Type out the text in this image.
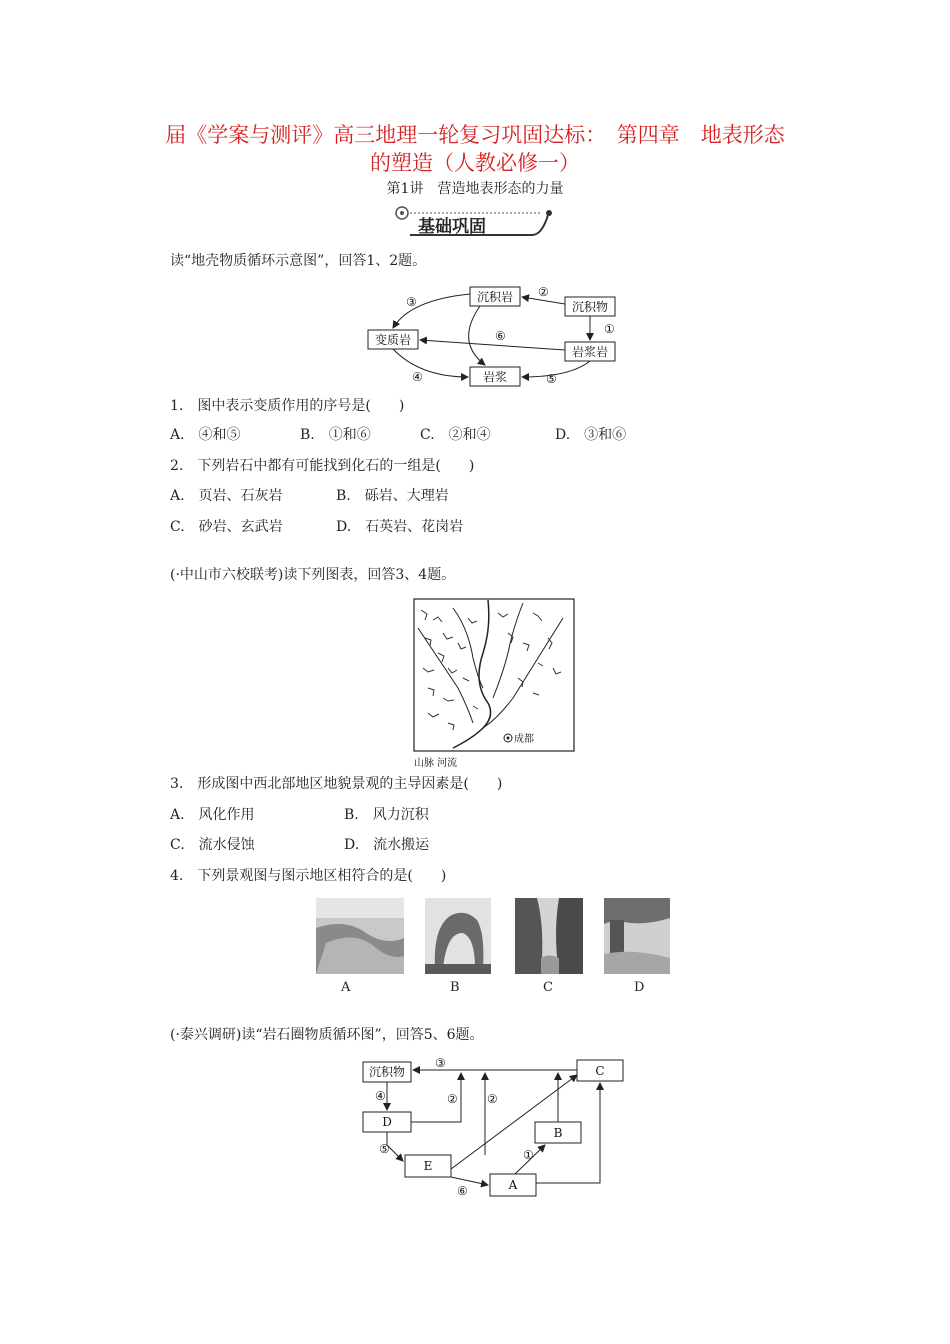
届《学案与测评》高三地理一轮复习巩固达标：　第四章　地表形态
的塑造（人教必修一）
第1讲　营造地表形态的力量
基础巩固
读“地壳物质循环示意图”，回答1、2题。
沉积岩
沉积物
变质岩
岩浆岩
岩浆
①
②
③
④	⑤
⑥
1.　图中表示变质作用的序号是(　　)
A.　④和⑤	B.　①和⑥	C.　②和④	D.　③和⑥
2.　下列岩石中都有可能找到化石的一组是(　　)
A.　页岩、石灰岩	B.　砾岩、大理岩
C.　砂岩、玄武岩	D.　石英岩、花岗岩
(·中山市六校联考)读下列图表，回答3、4题。
成都
山脉 河流
3.　形成图中西北部地区地貌景观的主导因素是(　　)
A.　风化作用	B.　风力沉积
C.　流水侵蚀	D.　流水搬运
4.　下列景观图与图示地区相符合的是(　　)
A	B	C	D
(·泰兴调研)读“岩石圈物质循环图”，回答5、6题。
沉积物	C
D
B
E
A
③
④	② ②
⑤	①
⑥
